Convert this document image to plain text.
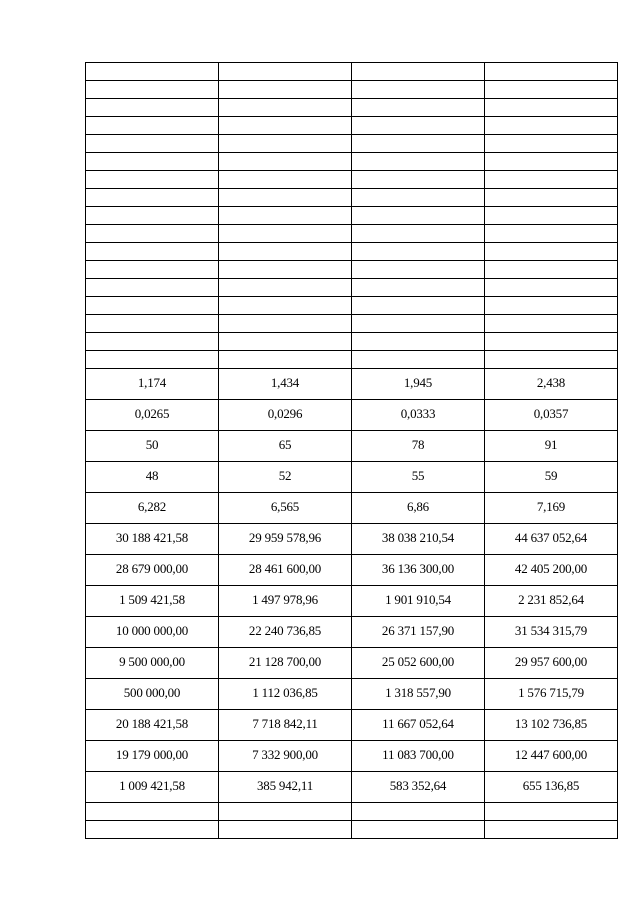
1,174	1,434	1,945	2,438

0,0265	0,0296	0,0333	0,0357

50	65	78	91

48	52	55	59

6,282	6,565	6,86	7,169

30 188 421,58	29 959 578,96	38 038 210,54	44 637 052,64

28 679 000,00	28 461 600,00	36 136 300,00	42 405 200,00

1 509 421,58	1 497 978,96	1 901 910,54	2 231 852,64

10 000 000,00	22 240 736,85	26 371 157,90	31 534 315,79

9 500 000,00	21 128 700,00	25 052 600,00	29 957 600,00

500 000,00	1 112 036,85	1 318 557,90	1 576 715,79

20 188 421,58	7 718 842,11	11 667 052,64	13 102 736,85

19 179 000,00	7 332 900,00	11 083 700,00	12 447 600,00

1 009 421,58	385 942,11	583 352,64	655 136,85
